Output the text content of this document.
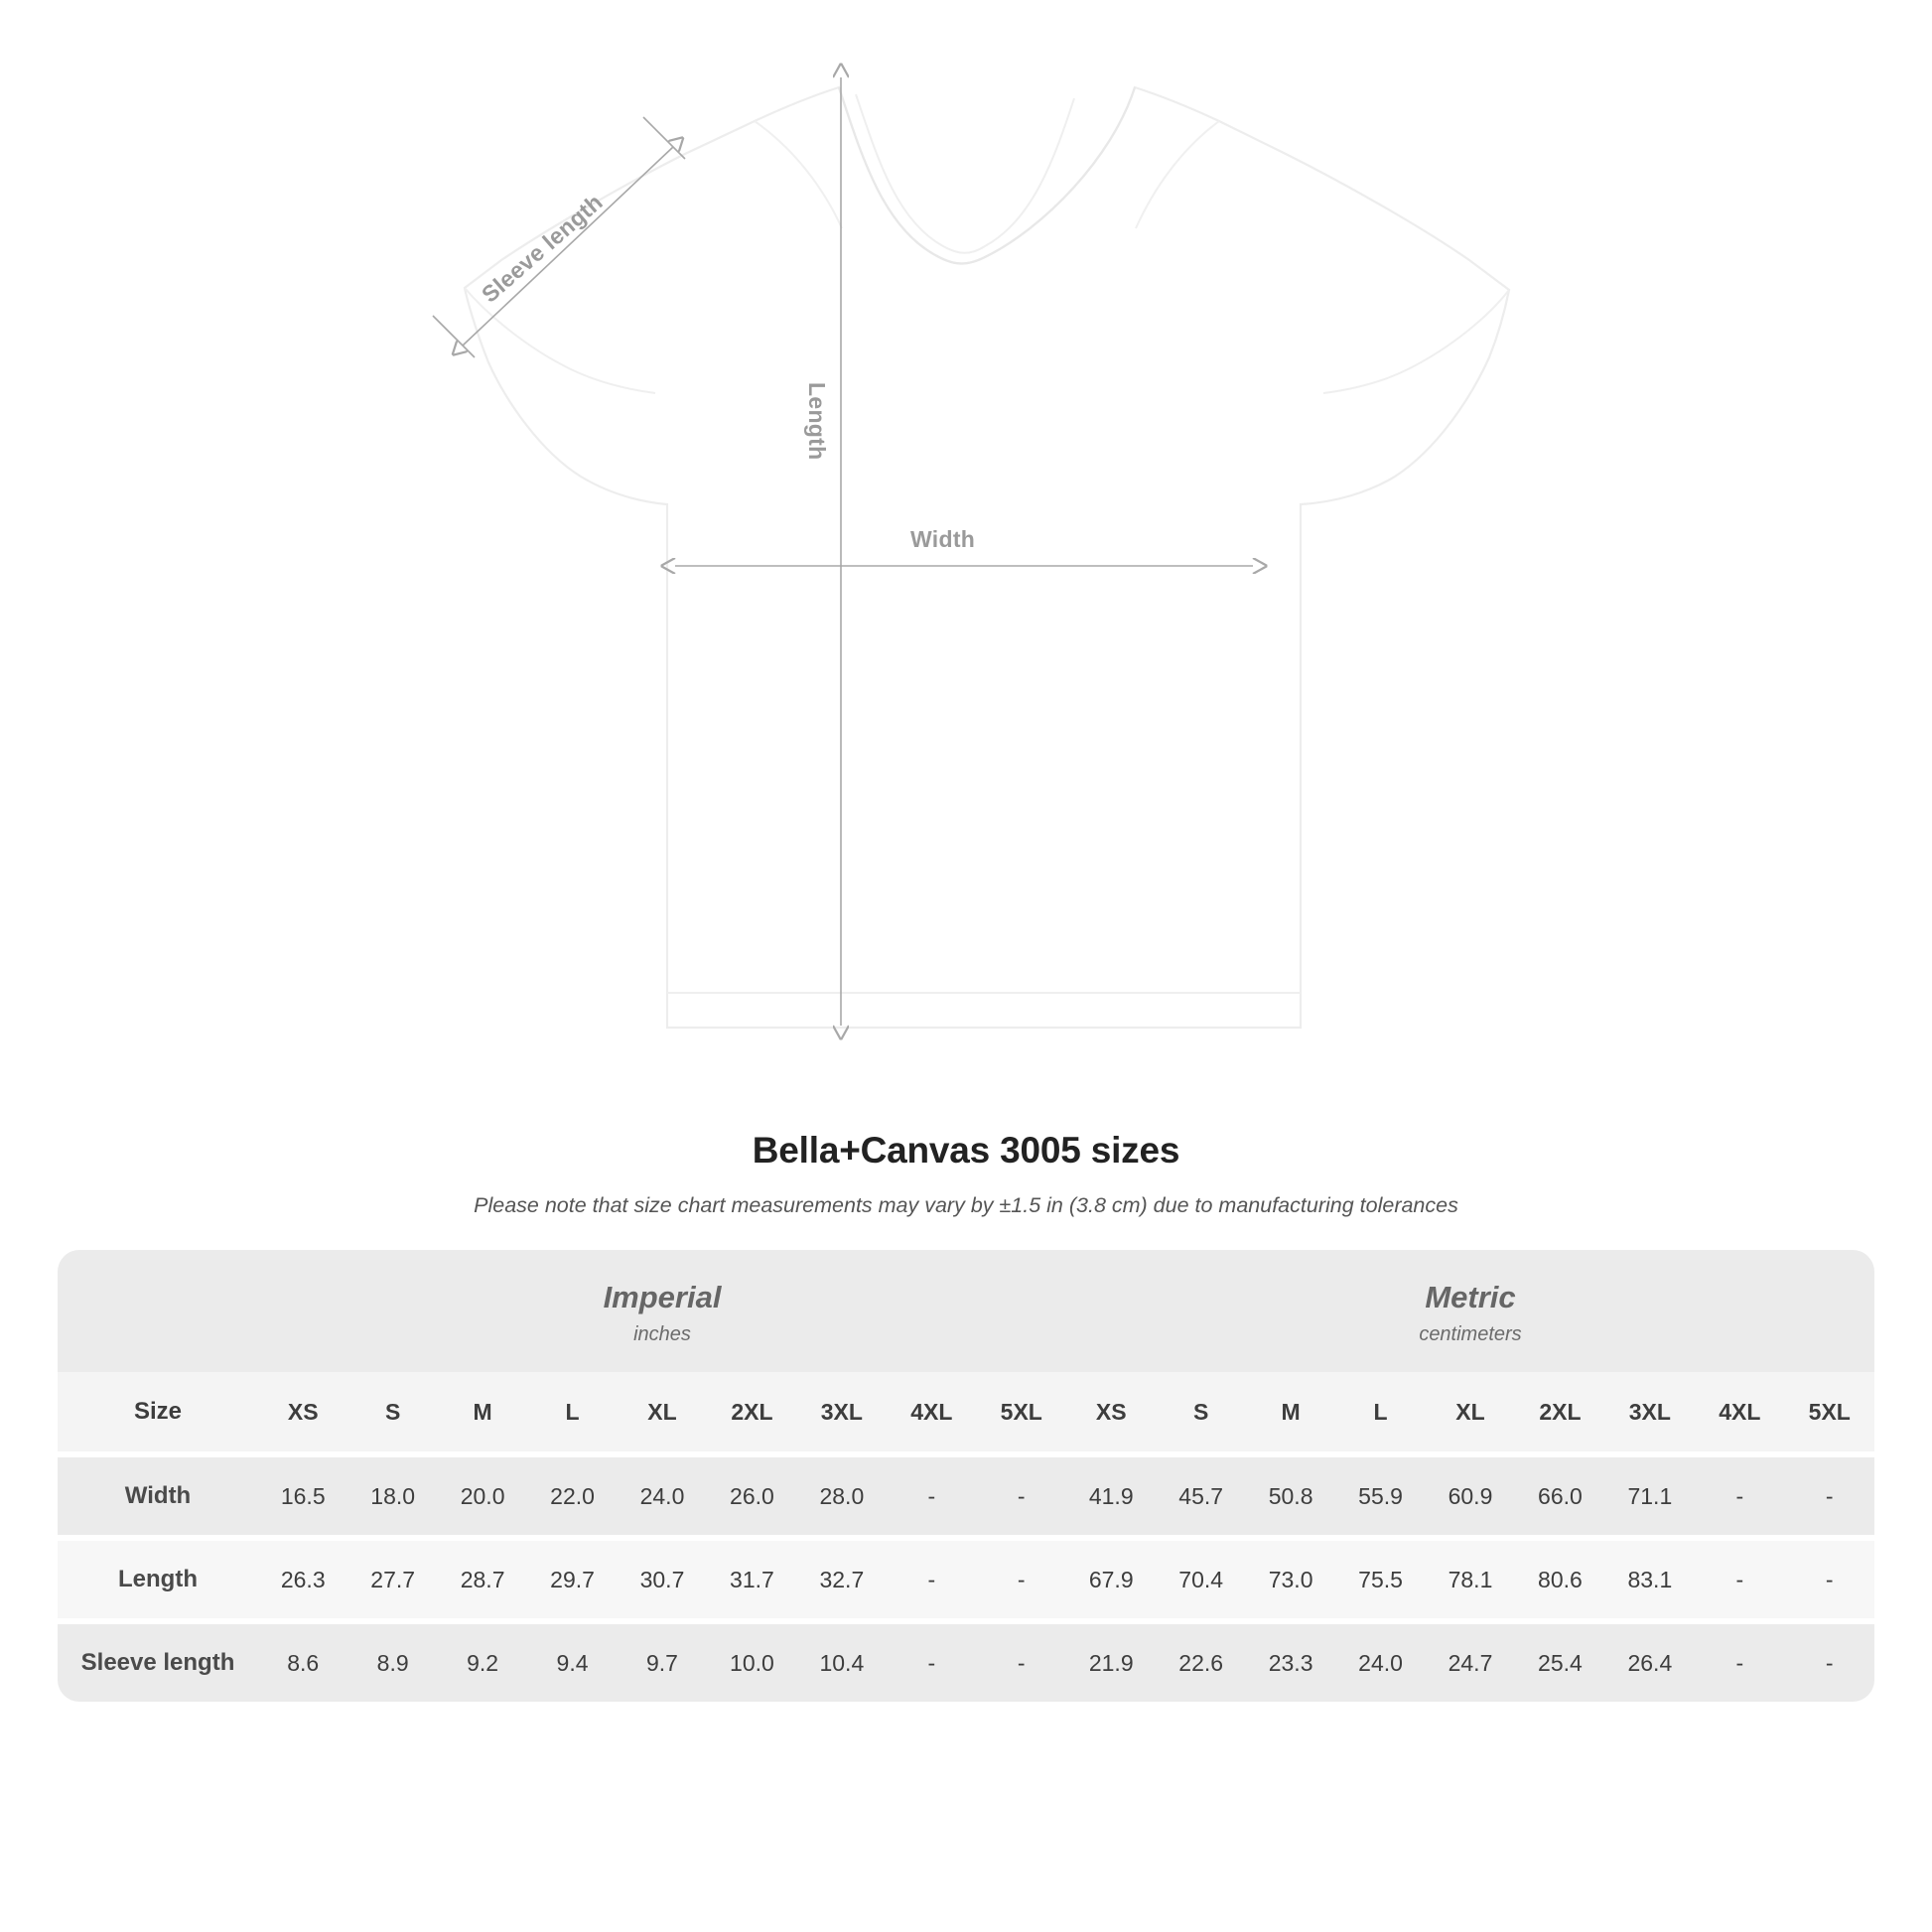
Sleeve length
Length
Width
Bella+Canvas 3005 sizes
Please note that size chart measurements may vary by ±1.5 in (3.8 cm) due to manufacturing tolerances

Imperial
inches

Metric
centimeters

Size	XS	S	M	L	XL	2XL	3XL	4XL	5XL	XS	S	M	L	XL	2XL	3XL	4XL	5XL

Width	16.5	18.0	20.0	22.0	24.0	26.0	28.0	-	-	41.9	45.7	50.8	55.9	60.9	66.0	71.1	-	-

Length	26.3	27.7	28.7	29.7	30.7	31.7	32.7	-	-	67.9	70.4	73.0	75.5	78.1	80.6	83.1	-	-

Sleeve length	8.6	8.9	9.2	9.4	9.7	10.0	10.4	-	-	21.9	22.6	23.3	24.0	24.7	25.4	26.4	-	-
